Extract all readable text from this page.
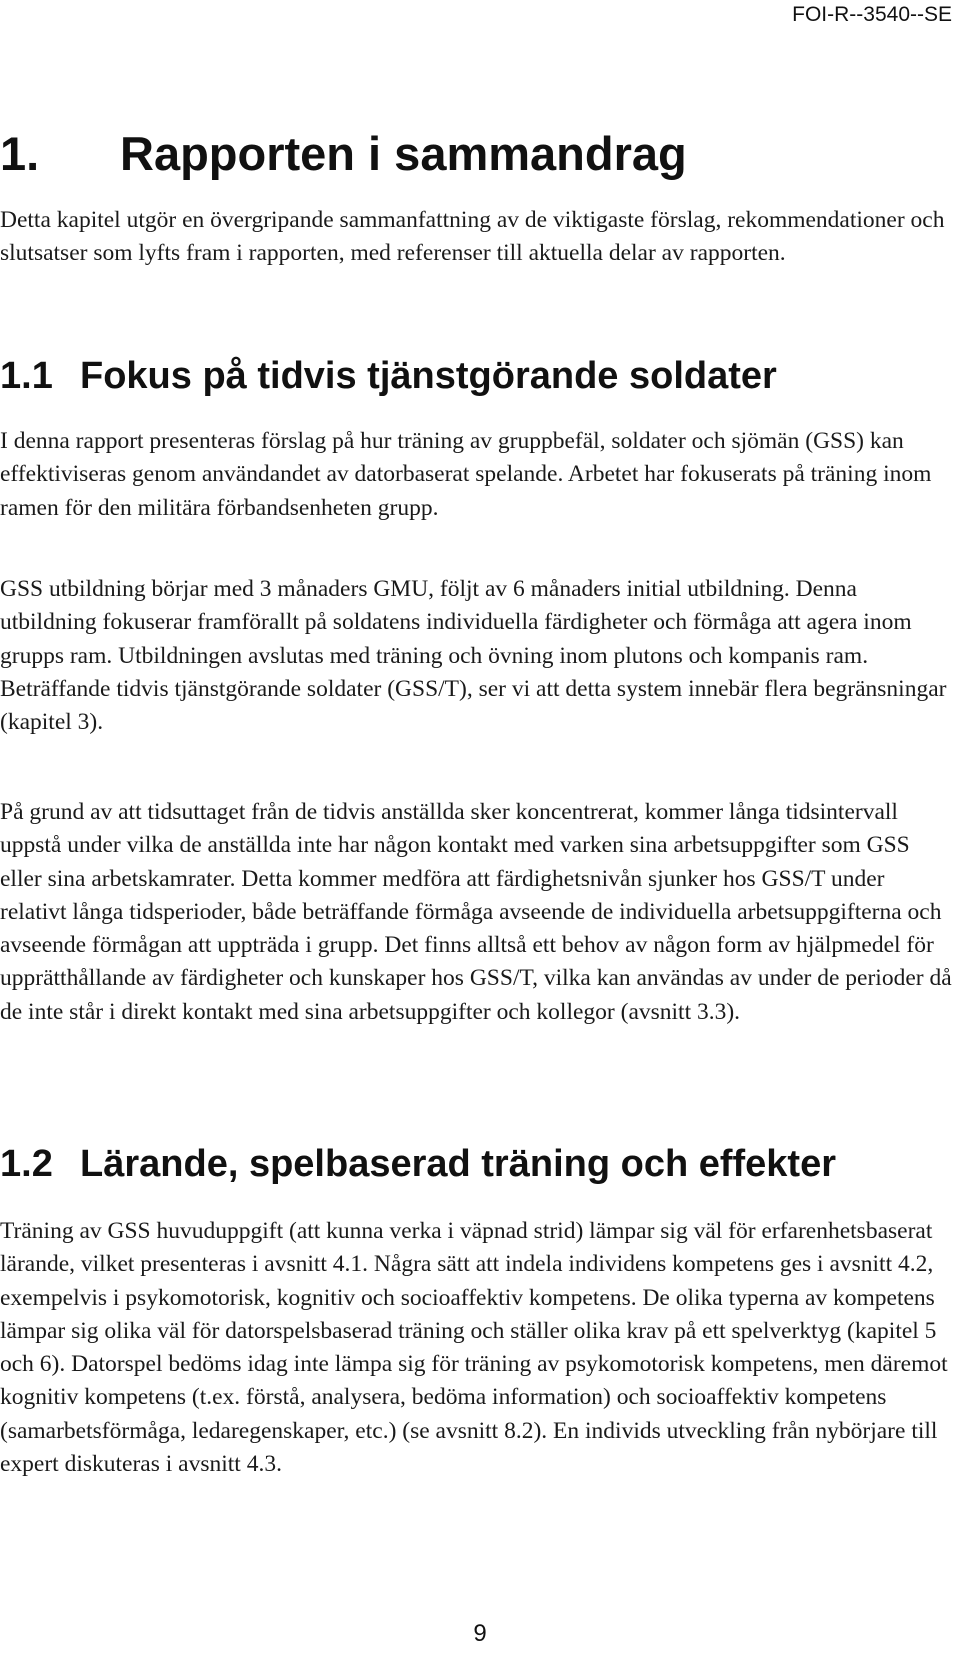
FOI-R--3540--SE
1. Rapporten i sammandrag

Detta kapitel utgör en övergripande sammanfattning av de viktigaste förslag, rekommendationer och slutsatser som lyfts fram i rapporten, med referenser till aktuella delar av rapporten.

1.1 Fokus på tidvis tjänstgörande soldater

I denna rapport presenteras förslag på hur träning av gruppbefäl, soldater och sjömän (GSS) kan effektiviseras genom användandet av datorbaserat spelande. Arbetet har fokuserats på träning inom ramen för den militära förbandsenheten grupp.

GSS utbildning börjar med 3 månaders GMU, följt av 6 månaders initial utbildning. Denna utbildning fokuserar framförallt på soldatens individuella färdigheter och förmåga att agera inom grupps ram. Utbildningen avslutas med träning och övning inom plutons och kompanis ram. Beträffande tidvis tjänstgörande soldater (GSS/T), ser vi att detta system innebär flera begränsningar (kapitel 3).

På grund av att tidsuttaget från de tidvis anställda sker koncentrerat, kommer långa tidsintervall uppstå under vilka de anställda inte har någon kontakt med varken sina arbetsuppgifter som GSS eller sina arbetskamrater. Detta kommer medföra att färdighetsnivån sjunker hos GSS/T under relativt långa tidsperioder, både beträffande förmåga avseende de individuella arbetsuppgifterna och avseende förmågan att uppträda i grupp. Det finns alltså ett behov av någon form av hjälpmedel för upprätthållande av färdigheter och kunskaper hos GSS/T, vilka kan användas av under de perioder då de inte står i direkt kontakt med sina arbetsuppgifter och kollegor (avsnitt 3.3).

1.2 Lärande, spelbaserad träning och effekter

Träning av GSS huvuduppgift (att kunna verka i väpnad strid) lämpar sig väl för erfarenhetsbaserat lärande, vilket presenteras i avsnitt 4.1. Några sätt att indela individens kompetens ges i avsnitt 4.2, exempelvis i psykomotorisk, kognitiv och socioaffektiv kompetens. De olika typerna av kompetens lämpar sig olika väl för datorspelsbaserad träning och ställer olika krav på ett spelverktyg (kapitel 5 och 6). Datorspel bedöms idag inte lämpa sig för träning av psykomotorisk kompetens, men däremot kognitiv kompetens (t.ex. förstå, analysera, bedöma information) och socioaffektiv kompetens (samarbetsförmåga, ledaregenskaper, etc.) (se avsnitt 8.2). En individs utveckling från nybörjare till expert diskuteras i avsnitt 4.3.

9
